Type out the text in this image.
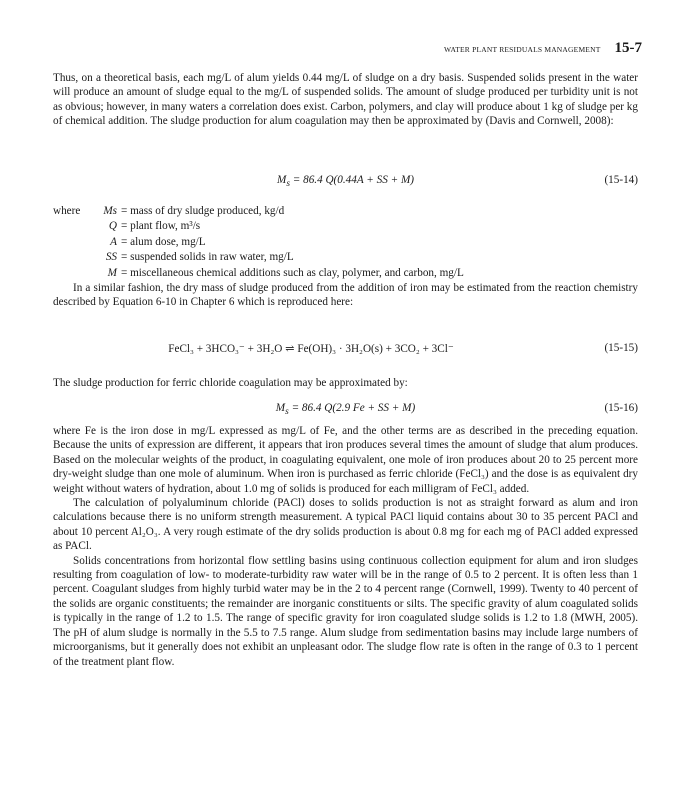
WATER PLANT RESIDUALS MANAGEMENT 15-7
Thus, on a theoretical basis, each mg/L of alum yields 0.44 mg/L of sludge on a dry basis. Suspended solids present in the water will produce an amount of sludge equal to the mg/L of suspended solids. The amount of sludge produced per turbidity unit is not as obvious; however, in many waters a correlation does exist. Carbon, polymers, and clay will produce about 1 kg of sludge per kg of chemical addition. The sludge production for alum coagulation may then be approximated by (Davis and Cornwell, 2008):
$M_s = 86.4$ Q(0.44A + SS + M)	(15-14)
where	Ms = mass of dry sludge produced, kg/d
Q = plant flow, m³/s
A = alum dose, mg/L
SS = suspended solids in raw water, mg/L
M = miscellaneous chemical additions such as clay, polymer, and carbon, mg/L
In a similar fashion, the dry mass of sludge produced from the addition of iron may be estimated from the reaction chemistry described by Equation 6-10 in Chapter 6 which is reproduced here:
FeCl₃ + 3HCO₃⁻ + 3H₂O ⇌ Fe(OH)₃ · 3H₂O(s) + 3CO₂ + 3Cl⁻	(15-15)
The sludge production for ferric chloride coagulation may be approximated by:
$M_s = 86.4$ Q(2.9 Fe + SS + M)	(15-16)

where Fe is the iron dose in mg/L expressed as mg/L of Fe, and the other terms are as described in the preceding equation. Because the units of expression are different, it appears that iron produces several times the amount of sludge that alum produces. Based on the molecular weights of the product, in coagulating equivalent, one mole of iron produces about 20 to 25 percent more dry-weight sludge than one mole of aluminum. When iron is purchased as ferric chloride (FeCl₃) and the dose is as equivalent dry weight without waters of hydration, about 1.0 mg of solids is produced for each milligram of FeCl₃ added.

The calculation of polyaluminum chloride (PACl) doses to solids production is not as straight forward as alum and iron calculations because there is no uniform strength measurement. A typical PACl liquid contains about 30 to 35 percent PACl and about 10 percent Al₂O₃. A very rough estimate of the dry solids production is about 0.8 mg for each mg of PACl added expressed as PACl.

Solids concentrations from horizontal flow settling basins using continuous collection equipment for alum and iron sludges resulting from coagulation of low- to moderate-turbidity raw water will be in the range of 0.5 to 2 percent. It is often less than 1 percent. Coagulant sludges from highly turbid water may be in the 2 to 4 percent range (Cornwell, 1999). Twenty to 40 percent of the solids are organic constituents; the remainder are inorganic constituents or silts. The specific gravity of alum coagulated solids is typically in the range of 1.2 to 1.5. The range of specific gravity for iron coagulated sludge solids is 1.2 to 1.8 (MWH, 2005). The pH of alum sludge is normally in the 5.5 to 7.5 range. Alum sludge from sedimentation basins may include large numbers of microorganisms, but it generally does not exhibit an unpleasant odor. The sludge flow rate is often in the range of 0.3 to 1 percent of the treatment plant flow.
